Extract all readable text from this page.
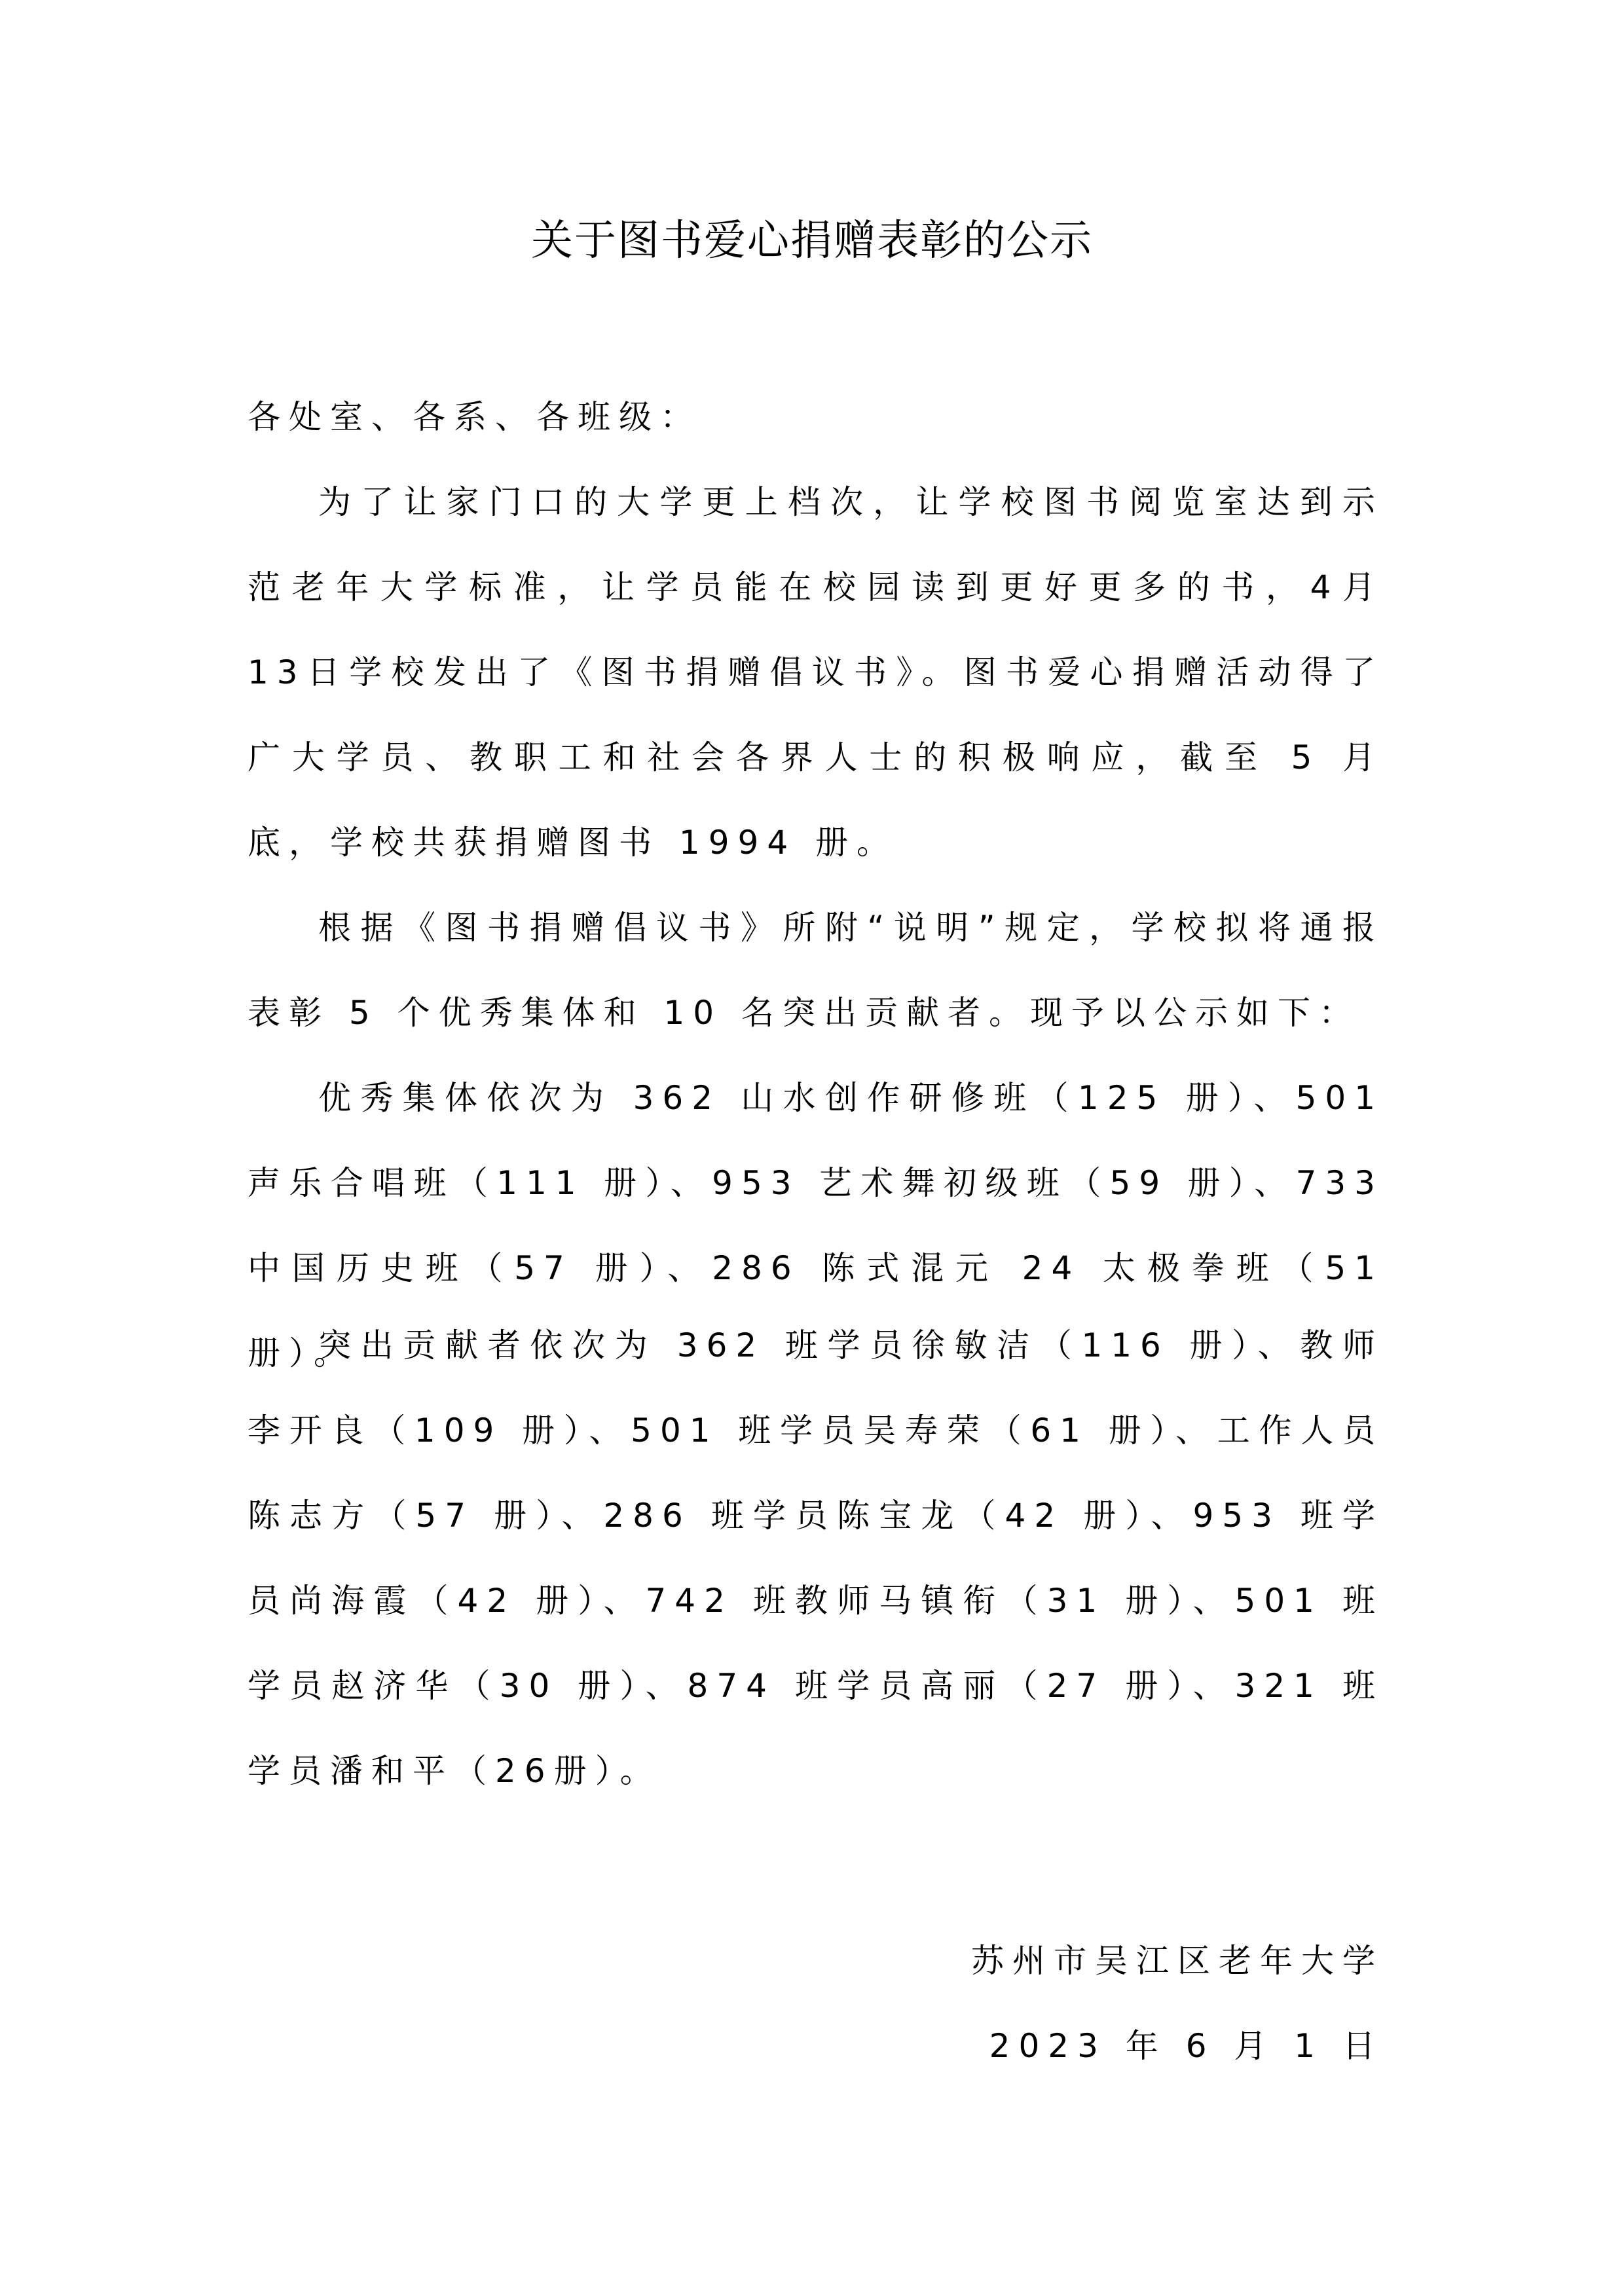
关于图书爱心捐赠表彰的公示
各处室、各系、各班级：
为了让家门口的大学更上档次，让学校图书阅览室达到示范老年大学标准，让学员能在校园读到更好更多的书，4月 13日学校发出了《图书捐赠倡议书》。图书爱心捐赠活动得了广大学员、教职工和社会各界人士的积极响应，截至 5 月底，学校共获捐赠图书 1994 册。
根据《图书捐赠倡议书》所附“说明”规定，学校拟将通报表彰 5 个优秀集体和 10 名突出贡献者。现予以公示如下：
优秀集体依次为 362 山水创作研修班（125 册）、501 声乐合唱班（111 册）、953 艺术舞初级班（59 册）、733 中国历史班（57 册）、286 陈式混元 24 太极拳班（51 册）。
突出贡献者依次为 362 班学员徐敏洁（116 册）、教师李开良（109 册）、501 班学员吴寿荣（61 册）、工作人员陈志方（57 册）、286 班学员陈宝龙（42 册）、953 班学员尚海霞（42 册）、742 班教师马镇衔（31 册）、501 班学员赵济华（30 册）、874 班学员高丽（27 册）、321 班学员潘和平（26册）。
苏州市吴江区老年大学
2023 年 6 月 1 日
